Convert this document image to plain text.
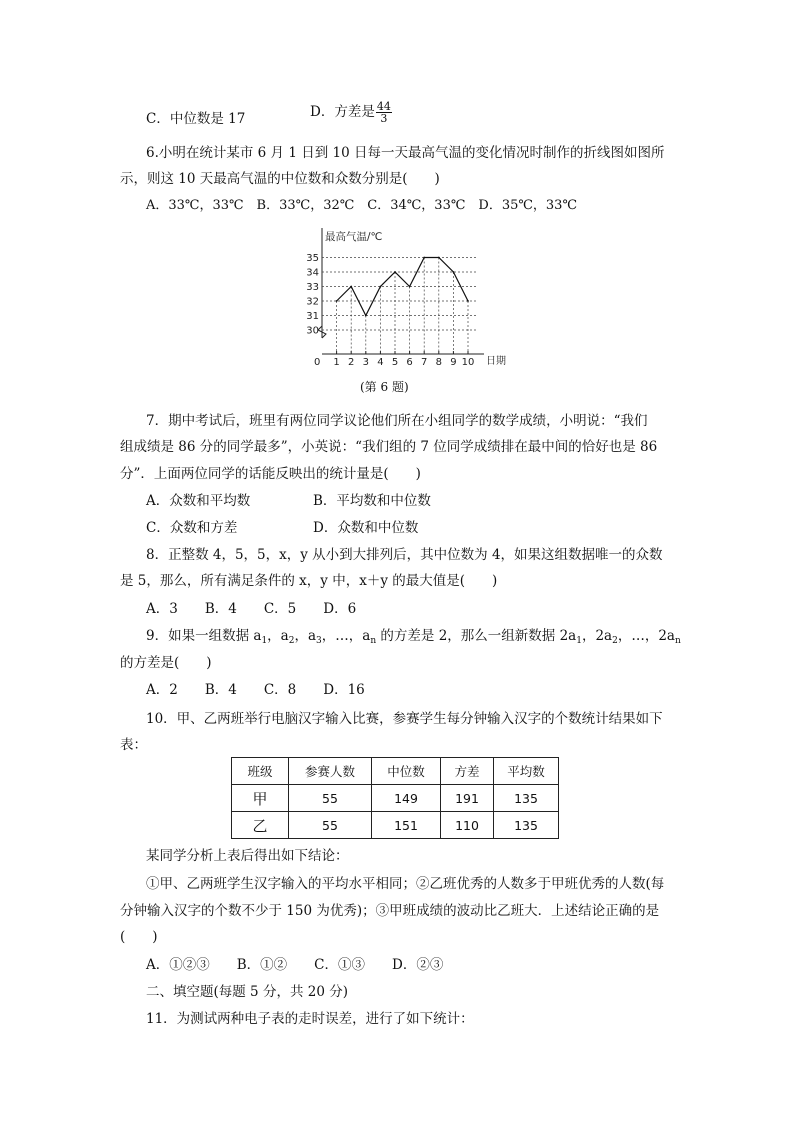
C．中位数是 17	D．方差是 $\frac{44}{3}$
6.小明在统计某市 6 月 1 日到 10 日每一天最高气温的变化情况时制作的折线图如图所
示，则这 10 天最高气温的中位数和众数分别是(　　)
A．33℃，33℃　B．33℃，32℃　C．34℃，33℃　D．35℃，33℃
最高气温/℃
日期
0
30
31
32
33
34
35
1 2 3 4 5 6 7 8 9 10
(第 6 题)
7．期中考试后，班里有两位同学议论他们所在小组同学的数学成绩，小明说：“我们
组成绩是 86 分的同学最多”，小英说：“我们组的 7 位同学成绩排在最中间的恰好也是 86
分”．上面两位同学的话能反映出的统计量是(　　)
A．众数和平均数	B．平均数和中位数
C．众数和方差	D．众数和中位数
8．正整数 4，5，5，x，y 从小到大排列后，其中位数为 4，如果这组数据唯一的众数
是 5，那么，所有满足条件的 x，y 中，x＋y 的最大值是(　　)
A．3　　B．4　　C．5　　D．6
9．如果一组数据 $a_1$，$a_2$，$a_3$，…，$a_n$ 的方差是 2，那么一组新数据 $2a_1$，$2a_2$，…，$2a_n$
的方差是(　　)
A．2　　B．4　　C．8　　D．16
10．甲、乙两班举行电脑汉字输入比赛，参赛学生每分钟输入汉字的个数统计结果如下
表：
班级	参赛人数	中位数	方差	平均数
甲	55	149	191	135
乙	55	151	110	135
某同学分析上表后得出如下结论：
①甲、乙两班学生汉字输入的平均水平相同；②乙班优秀的人数多于甲班优秀的人数(每
分钟输入汉字的个数不少于 150 为优秀)；③甲班成绩的波动比乙班大．上述结论正确的是
(　　)
A．①②③　　B．①②　　C．①③　　D．②③
二、填空题(每题 5 分，共 20 分)
11．为测试两种电子表的走时误差，进行了如下统计：
